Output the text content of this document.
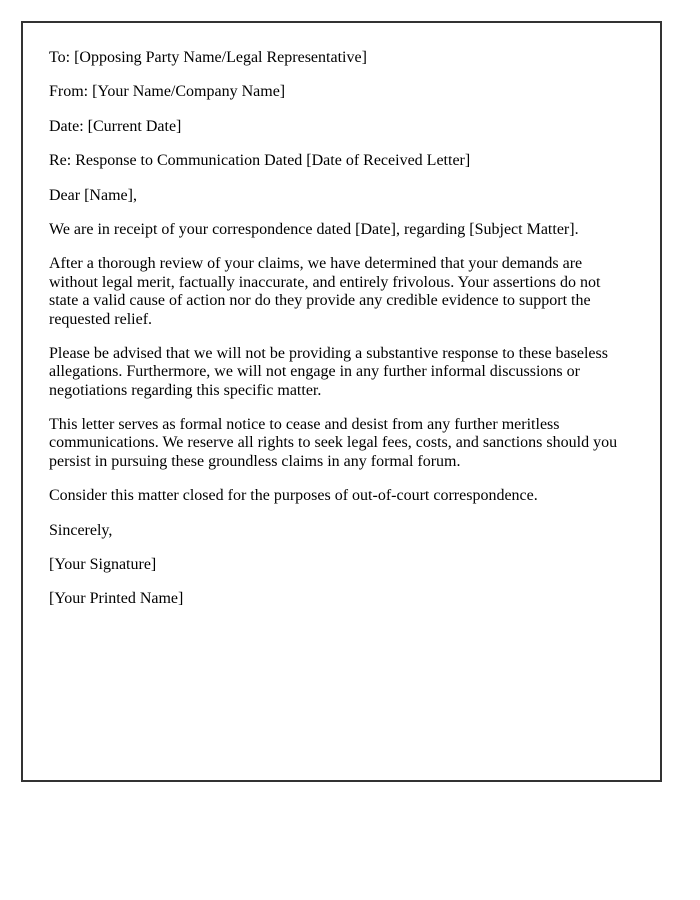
To: [Opposing Party Name/Legal Representative]

From: [Your Name/Company Name]

Date: [Current Date]

Re: Response to Communication Dated [Date of Received Letter]

Dear [Name],

We are in receipt of your correspondence dated [Date], regarding [Subject Matter].

After a thorough review of your claims, we have determined that your demands are without legal merit, factually inaccurate, and entirely frivolous. Your assertions do not state a valid cause of action nor do they provide any credible evidence to support the requested relief.

Please be advised that we will not be providing a substantive response to these baseless allegations. Furthermore, we will not engage in any further informal discussions or negotiations regarding this specific matter.

This letter serves as formal notice to cease and desist from any further meritless communications. We reserve all rights to seek legal fees, costs, and sanctions should you persist in pursuing these groundless claims in any formal forum.

Consider this matter closed for the purposes of out-of-court correspondence.

Sincerely,

[Your Signature]

[Your Printed Name]
